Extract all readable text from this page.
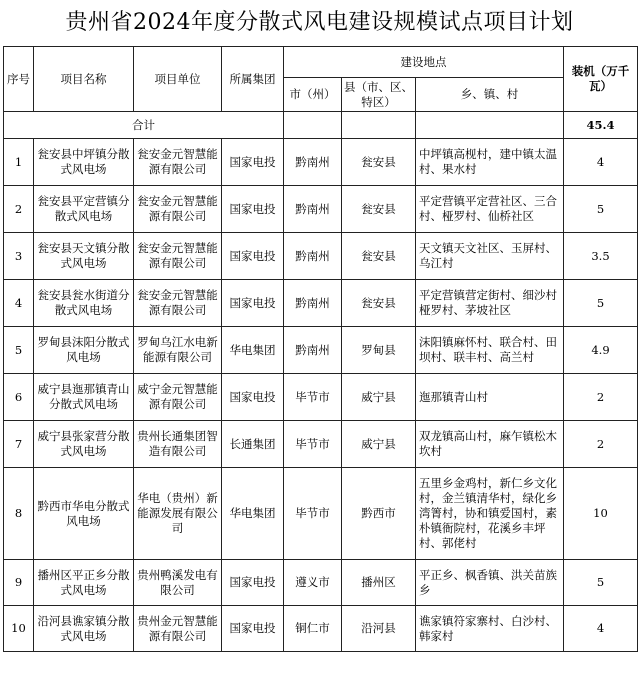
贵州省2024年度分散式风电建设规模试点项目计划
序号	项目名称	项目单位	所属集团	建设地点			装机（万千瓦）
				市（州）	县（市、区、特区）	乡、镇、村	
合计							45.4
1	瓮安县中坪镇分散式风电场	瓮安金元智慧能源有限公司	国家电投	黔南州	瓮安县	中坪镇高枧村，建中镇太温村、果水村	4
2	瓮安县平定营镇分散式风电场	瓮安金元智慧能源有限公司	国家电投	黔南州	瓮安县	平定营镇平定营社区、三合村、桠罗村、仙桥社区	5
3	瓮安县天文镇分散式风电场	瓮安金元智慧能源有限公司	国家电投	黔南州	瓮安县	天文镇天文社区、玉屏村、乌江村	3.5
4	瓮安县瓮水街道分散式风电场	瓮安金元智慧能源有限公司	国家电投	黔南州	瓮安县	平定营镇营定街村、细沙村桠罗村、茅坡社区	5
5	罗甸县沫阳分散式风电场	罗甸乌江水电新能源有限公司	华电集团	黔南州	罗甸县	沫阳镇麻怀村、联合村、田坝村、联丰村、高兰村	4.9
6	威宁县迤那镇青山分散式风电场	威宁金元智慧能源有限公司	国家电投	毕节市	威宁县	迤那镇青山村	2
7	威宁县张家营分散式风电场	贵州长通集团智造有限公司	长通集团	毕节市	威宁县	双龙镇高山村，麻乍镇松木坎村	2
8	黔西市华电分散式风电场	华电（贵州）新能源发展有限公司	华电集团	毕节市	黔西市	五里乡金鸡村，新仁乡文化村，金兰镇清华村，绿化乡湾箐村，协和镇爱国村，素朴镇衙院村，花溪乡丰坪村、郭佬村	10
9	播州区平正乡分散式风电场	贵州鸭溪发电有限公司	国家电投	遵义市	播州区	平正乡、枫香镇、洪关苗族乡	5
10	沿河县谯家镇分散式风电场	贵州金元智慧能源有限公司	国家电投	铜仁市	沿河县	谯家镇符家寨村、白沙村、韩家村	4
